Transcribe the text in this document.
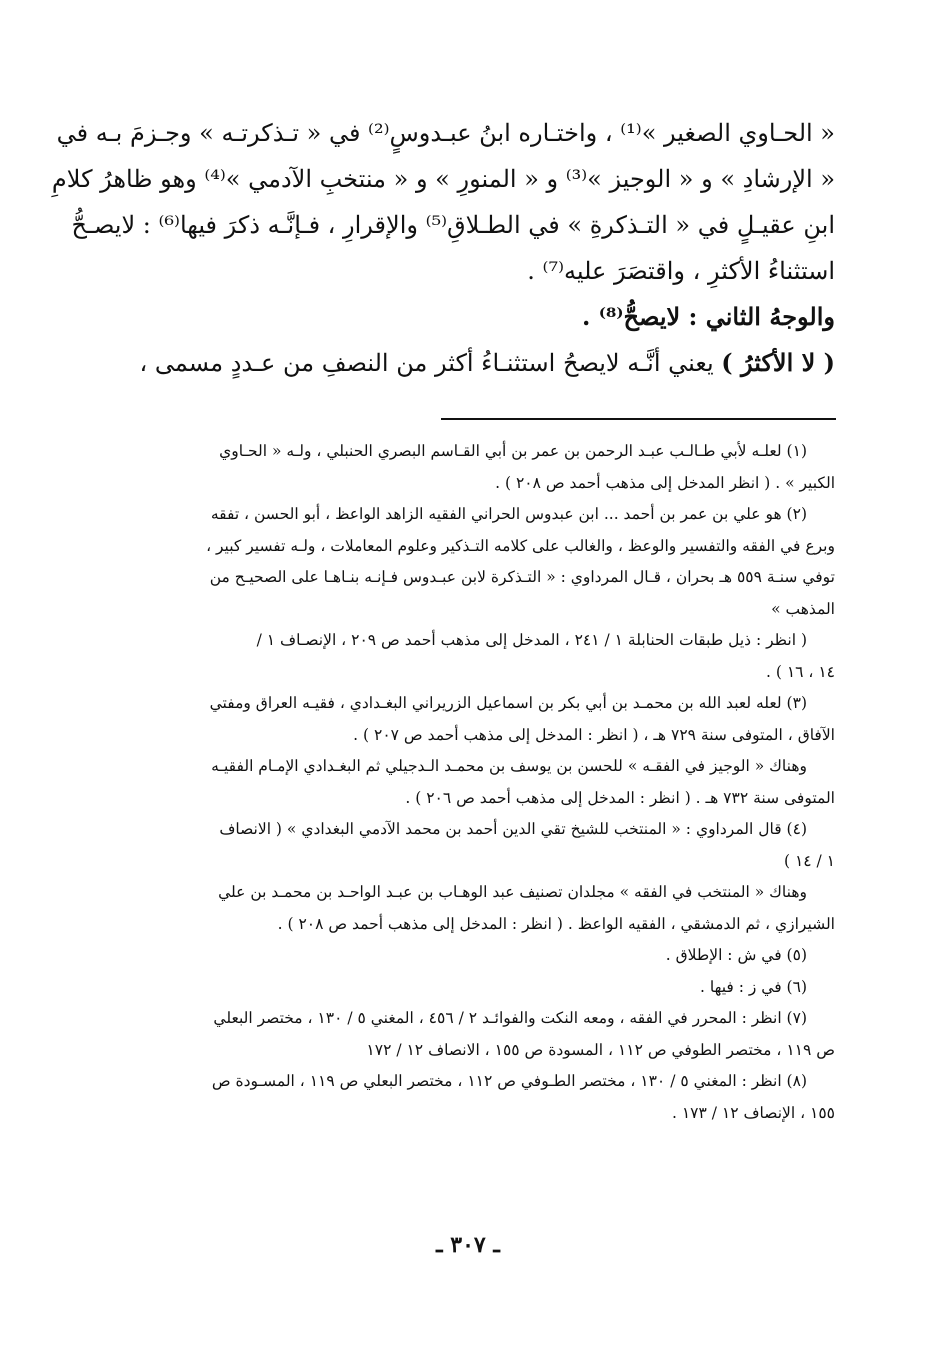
« الحـاوي الصغير »⁽¹⁾ ، واختـاره ابنُ عبـدوسٍ⁽²⁾ في « تـذكرتـه » وجـزمَ بـه في
« الإرشادِ » و « الوجيز »⁽³⁾ و « المنورِ » و « منتخبِ الآدمي »⁽⁴⁾ وهو ظاهرُ كلامِ
ابنِ عقيـلٍ في « التـذكرةِ » في الطـلاقِ⁽⁵⁾ والإقرارِ ، فـإنَّـه ذكرَ فيها⁽⁶⁾ : لايصـحُّ
استثناءُ الأكثرِ ، واقتصَرَ عليه⁽⁷⁾ .
والوجهُ الثاني : لايصحُّ⁽⁸⁾ .
( لا الأكثرُ ) يعني أنَّـه لايصحُ استثنـاءُ أكثر من النصفِ من عـددٍ مسمى ،
(١) لعلـه لأبي طـالـب عبـد الرحمن بن عمر بن أبي القـاسم البصري الحنبلي ، ولـه « الحـاوي
الكبير » . ( انظر المدخل إلى مذهب أحمد ص ٢٠٨ ) .
(٢) هو علي بن عمر بن أحمد ... ابن عبدوس الحراني الفقيه الزاهد الواعظ ، أبو الحسن ، تفقه
وبرع في الفقه والتفسير والوعظ ، والغالب على كلامه التـذكير وعلوم المعاملات ، ولـه تفسير كبير ،
توفي سنـة ٥٥٩ هـ بحران ، قـال المرداوي : « التـذكرة لابن عبـدوس فـإنـه بنـاهـا على الصحيـح من
المذهب »
( انظر : ذيل طبقات الحنابلة ١ / ٢٤١ ، المدخل إلى مذهب أحمد ص ٢٠٩ ، الإنصـاف ١ /
١٤ ، ١٦ ) .
(٣) لعله لعبد الله بن محمـد بن أبي بكر بن اسماعيل الزريراني البغـدادي ، فقيـه العراق ومفتي
الآفاق ، المتوفى سنة ٧٢٩ هـ ، ( انظر : المدخل إلى مذهب أحمد ص ٢٠٧ ) .
وهناك « الوجيز في الفقـه » للحسن بن يوسف بن محمـد الـدجيلي ثم البغـدادي الإمـام الفقيـه
المتوفى سنة ٧٣٢ هـ . ( انظر : المدخل إلى مذهب أحمد ص ٢٠٦ ) .
(٤) قال المرداوي : « المنتخب للشيخ تقي الدين أحمد بن محمد الآدمي البغدادي » ( الانصاف
١ / ١٤ )
وهناك « المنتخب في الفقه » مجلدان تصنيف عبد الوهـاب بن عبـد الواحـد بن محمـد بن علي
الشيرازي ، ثم الدمشقي ، الفقيه الواعظ . ( انظر : المدخل إلى مذهب أحمد ص ٢٠٨ ) .
(٥) في ش : الإطلاق .
(٦) في ز : فيها .
(٧) انظر : المحرر في الفقه ، ومعه النكت والفوائـد ٢ / ٤٥٦ ، المغني ٥ / ١٣٠ ، مختصر البعلي
ص ١١٩ ، مختصر الطوفي ص ١١٢ ، المسودة ص ١٥٥ ، الانصاف ١٢ / ١٧٢
(٨) انظر : المغني ٥ / ١٣٠ ، مختصر الطـوفي ص ١١٢ ، مختصر البعلي ص ١١٩ ، المسـودة ص
١٥٥ ، الإنصاف ١٢ / ١٧٣ .
ـ ٣٠٧ ـ
